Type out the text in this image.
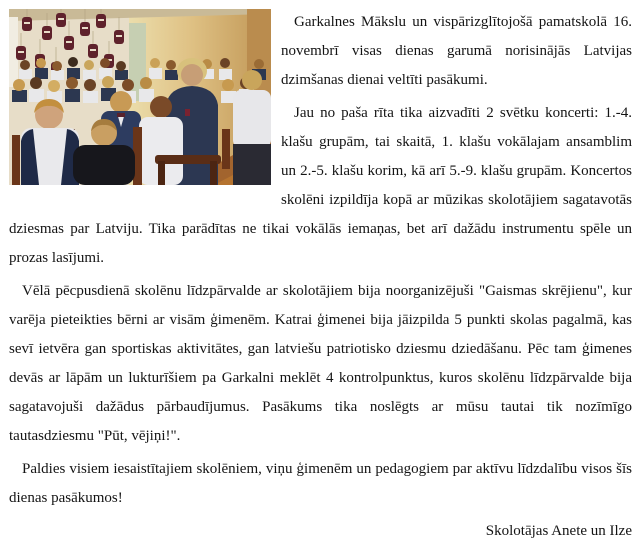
Garkalnes Mākslu un vispārizglītojošā pamatskolā 16. novembrī visas dienas garumā norisinājās Latvijas dzimšanas dienai veltīti pasākumi.

Jau no paša rīta tika aizvadīti 2 svētku koncerti: 1.-4. klašu grupām, tai skaitā, 1. klašu vokālajam ansamblim un 2.-5. klašu korim, kā arī 5.-9. klašu grupām. Koncertos skolēni izpildīja kopā ar mūzikas skolotājiem sagatavotās dziesmas par Latviju. Tika parādītas ne tikai vokālās iemaņas, bet arī dažādu instrumentu spēle un prozas lasījumi.

Vēlā pēcpusdienā skolēnu līdzpārvalde ar skolotājiem bija noorganizējuši "Gaismas skrējienu", kur varēja pieteikties bērni ar visām ģimenēm. Katrai ģimenei bija jāizpilda 5 punkti skolas pagalmā, kas sevī ietvēra gan sportiskas aktivitātes, gan latviešu patriotisko dziesmu dziedāšanu. Pēc tam ģimenes devās ar lāpām un lukturīšiem pa Garkalni meklēt 4 kontrolpunktus, kuros skolēnu līdzpārvalde bija sagatavojuši dažādus pārbaudījumus. Pasākums tika noslēgts ar mūsu tautai tik nozīmīgo tautasdziesmu "Pūt, vējiņi!".

Paldies visiem iesaistītajiem skolēniem, viņu ģimenēm un pedagogiem par aktīvu līdzdalību visos šīs dienas pasākumos!

Skolotājas Anete un Ilze
